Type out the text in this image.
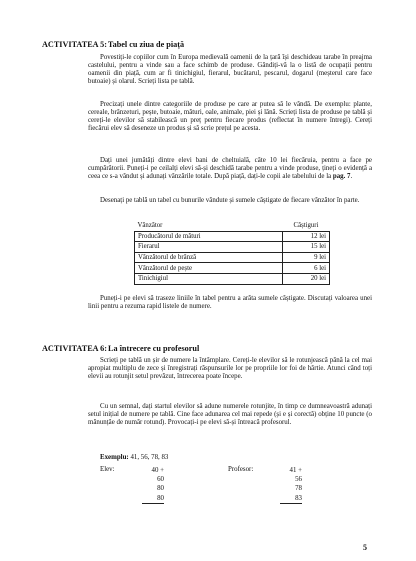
ACTIVITATEA 5: Tabel cu ziua de piață

Povestiți-le copiilor cum în Europa medievală oamenii de la țară își deschideau tarabe în preajma castelului, pentru a vinde sau a face schimb de produse. Gândiți-vă la o listă de ocupații pentru oamenii din piață, cum ar fi tinichigiul, fierarul, bucătarul, pescarul, dogarul (meșterul care face butoaie) și olarul. Scrieți lista pe tablă.

Precizați unele dintre categoriile de produse pe care ar putea să le vândă. De exemplu: plante, cereale, brânzeturi, pește, butoaie, mături, oale, animale, piei și lână. Scrieți lista de produse pe tablă și cereți-le elevilor să stabilească un preț pentru fiecare produs (reflectat în numere întregi). Cereți fiecărui elev să deseneze un produs și să scrie prețul pe acesta.

Dați unei jumătăți dintre elevi bani de cheltuială, câte 10 lei fiecăruia, pentru a face pe cumpărătorii. Puneți-i pe ceilalți elevi să-și deschidă tarabe pentru a vinde produse, țineți o evidență a ceea ce s-a vândut și adunați vânzările totale. După piață, dați-le copii ale tabelului de la pag. 7.

Desenați pe tablă un tabel cu bunurile vândute și sumele câștigate de fiecare vânzător în parte.

Vânzător	Câștiguri
Producătorul de mături	12 lei
Fierarul	15 lei
Vânzătorul de brânză	9 lei
Vânzătorul de pește	6 lei
Tinichigiul	20 lei

Puneți-i pe elevi să traseze liniile în tabel pentru a arăta sumele câștigate. Discutați valoarea unei linii pentru a rezuma rapid listele de numere.

ACTIVITATEA 6: La întrecere cu profesorul

Scrieți pe tablă un șir de numere la întâmplare. Cereți-le elevilor să le rotunjească până la cel mai apropiat multiplu de zece și înregistrați răspunsurile lor pe propriile lor foi de hârtie. Atunci când toți elevii au rotunjit setul prevăzut, întrecerea poate începe.

Cu un semnal, dați startul elevilor să adune numerele rotunjite, în timp ce dumneavoastră adunați setul inițial de numere pe tablă. Cine face adunarea cel mai repede (și e și corectă) obține 10 puncte (o mănunțăe de număr rotund). Provocați-i pe elevi să-și întreacă profesorul.

Exemplu: 41, 56, 78, 83
Elev:	40 +
60
80
80
Profesor:	41 +
56
78
83
5
